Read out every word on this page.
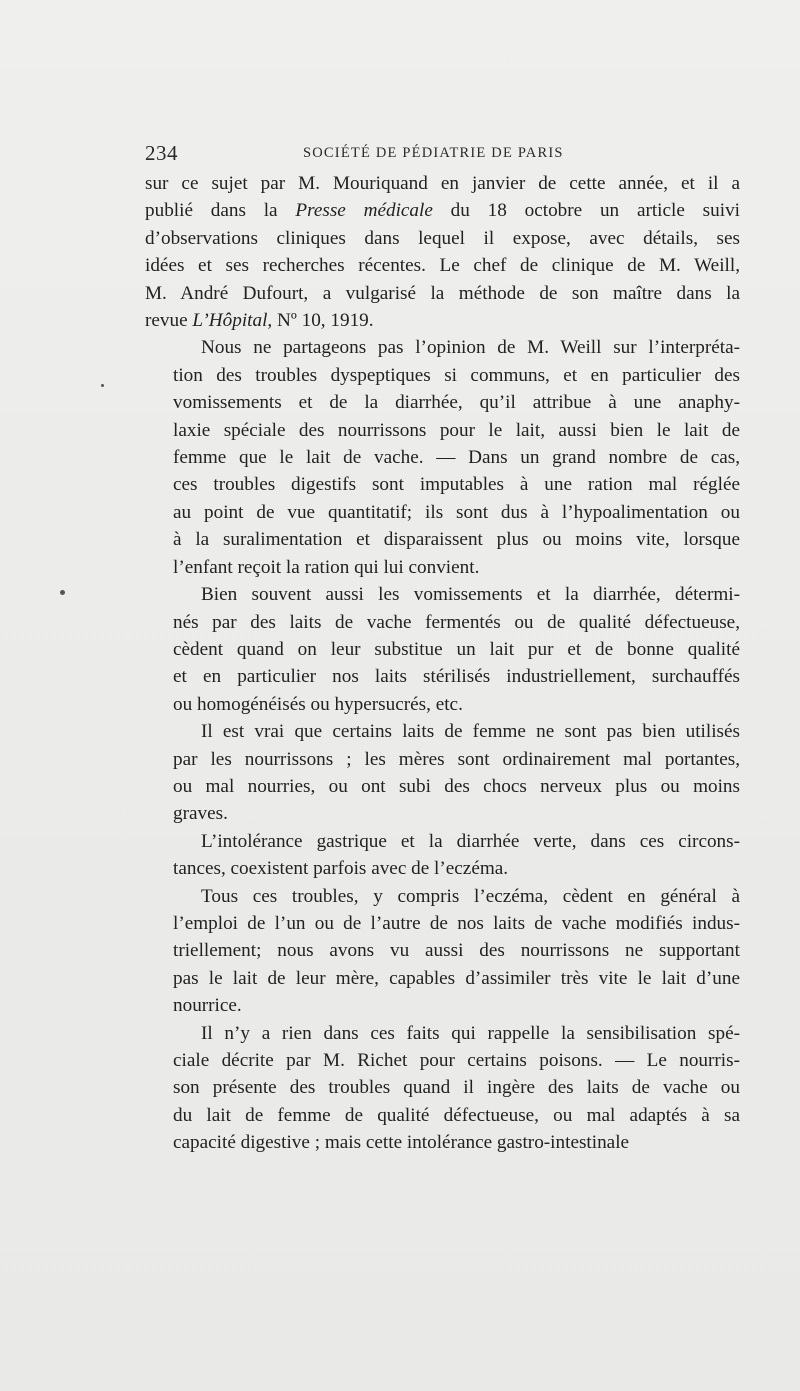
234	SOCIÉTÉ DE PÉDIATRIE DE PARIS
sur ce sujet par M. Mouriquand en janvier de cette année, et il a
publié dans la Presse médicale du 18 octobre un article suivi
d’observations cliniques dans lequel il expose, avec détails, ses
idées et ses recherches récentes. Le chef de clinique de M. Weill,
M. André Dufourt, a vulgarisé la méthode de son maître dans la
revue L’Hôpital, Nº 10, 1919.
Nous ne partageons pas l’opinion de M. Weill sur l’interpréta-
tion des troubles dyspeptiques si communs, et en particulier des
vomissements et de la diarrhée, qu’il attribue à une anaphy-
laxie spéciale des nourrissons pour le lait, aussi bien le lait de
femme que le lait de vache. — Dans un grand nombre de cas,
ces troubles digestifs sont imputables à une ration mal réglée
au point de vue quantitatif; ils sont dus à l’hypoalimentation ou
à la suralimentation et disparaissent plus ou moins vite, lorsque
l’enfant reçoit la ration qui lui convient.
Bien souvent aussi les vomissements et la diarrhée, détermi-
nés par des laits de vache fermentés ou de qualité défectueuse,
cèdent quand on leur substitue un lait pur et de bonne qualité
et en particulier nos laits stérilisés industriellement, surchauffés
ou homogénéisés ou hypersucrés, etc.
Il est vrai que certains laits de femme ne sont pas bien utilisés
par les nourrissons ; les mères sont ordinairement mal portantes,
ou mal nourries, ou ont subi des chocs nerveux plus ou moins
graves.
L’intolérance gastrique et la diarrhée verte, dans ces circons-
tances, coexistent parfois avec de l’eczéma.
Tous ces troubles, y compris l’eczéma, cèdent en général à
l’emploi de l’un ou de l’autre de nos laits de vache modifiés indus-
triellement; nous avons vu aussi des nourrissons ne supportant
pas le lait de leur mère, capables d’assimiler très vite le lait d’une
nourrice.
Il n’y a rien dans ces faits qui rappelle la sensibilisation spé-
ciale décrite par M. Richet pour certains poisons. — Le nourris-
son présente des troubles quand il ingère des laits de vache ou
du lait de femme de qualité défectueuse, ou mal adaptés à sa
capacité digestive ; mais cette intolérance gastro-intestinale
